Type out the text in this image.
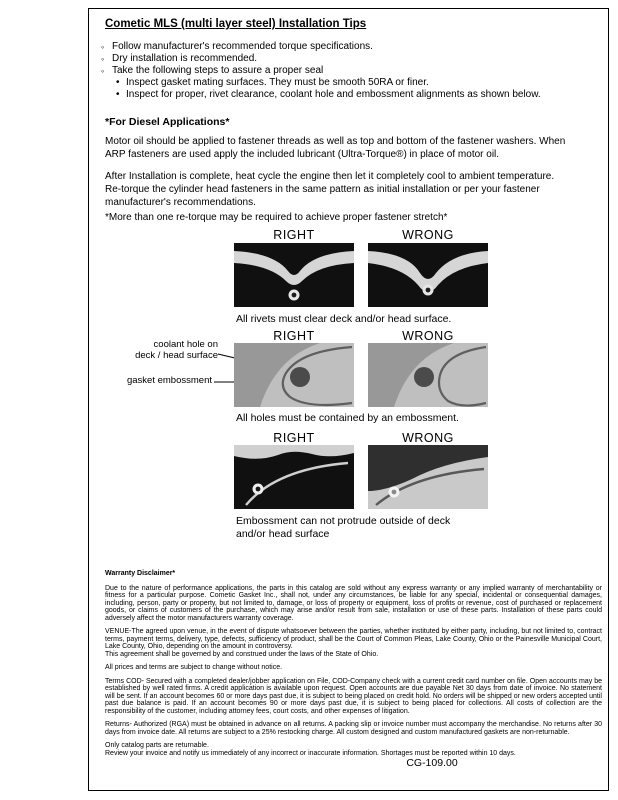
Cometic MLS (multi layer steel) Installation Tips
◦ Follow manufacturer's recommended torque specifications.
◦ Dry installation is recommended.
◦ Take the following steps to assure a proper seal
• Inspect gasket mating surfaces. They must be smooth 50RA or finer.
• Inspect for proper, rivet clearance, coolant hole and embossment alignments as shown below.
*For Diesel Applications*

Motor oil should be applied to fastener threads as well as top and bottom of the fastener washers. When ARP fasteners are used apply the included lubricant (Ultra-Torque®) in place of motor oil.

After Installation is complete, heat cycle the engine then let it completely cool to ambient temperature. Re-torque the cylinder head fasteners in the same pattern as initial installation or per your fastener manufacturer's recommendations.

*More than one re-torque may be required to achieve proper fastener stretch*

RIGHT	WRONG
All rivets must clear deck and/or head surface.
RIGHT	WRONG
coolant hole on
deck / head surface
gasket embossment
All holes must be contained by an embossment.
RIGHT	WRONG
Embossment can not protrude outside of deck
and/or head surface
Warranty Disclaimer*
Due to the nature of performance applications, the parts in this catalog are sold without any express warranty or any implied warranty of merchantability or fitness for a particular purpose. Cometic Gasket Inc., shall not, under any circumstances, be liable for any special, incidental or consequential damages, including, person, party or property, but not limited to, damage, or loss of property or equipment, loss of profits or revenue, cost of purchased or replacement goods, or claims of customers of the purchase, which may arise and/or result from sale, installation or use of these parts. Installation of these parts could adversely affect the motor manufacturers warranty coverage.
VENUE-The agreed upon venue, in the event of dispute whatsoever between the parties, whether instituted by either party, including, but not limited to, contract terms, payment terms, delivery, type, defects, sufficiency of product, shall be the Court of Common Pleas, Lake County, Ohio or the Painesville Municipal Court, Lake County, Ohio, depending on the amount in controversy.
This agreement shall be governed by and construed under the laws of the State of Ohio.
All prices and terms are subject to change without notice.
Terms COD- Secured with a completed dealer/jobber application on File, COD-Company check with a current credit card number on file. Open accounts may be established by well rated firms. A credit application is available upon request. Open accounts are due payable Net 30 days from date of invoice. No statement will be sent. If an account becomes 60 or more days past due, it is subject to being placed on credit hold. No orders will be shipped or new orders accepted until past due balance is paid. If an account becomes 90 or more days past due, it is subject to being placed for collections. All costs of collection are the responsibility of the customer, including attorney fees, court costs, and other expenses of litigation.
Returns- Authorized (RGA) must be obtained in advance on all returns. A packing slip or invoice number must accompany the merchandise. No returns after 30 days from invoice date. All returns are subject to a 25% restocking charge. All custom designed and custom manufactured gaskets are non-returnable.
Only catalog parts are returnable.
Review your invoice and notify us immediately of any incorrect or inaccurate information. Shortages must be reported within 10 days.
CG-109.00
